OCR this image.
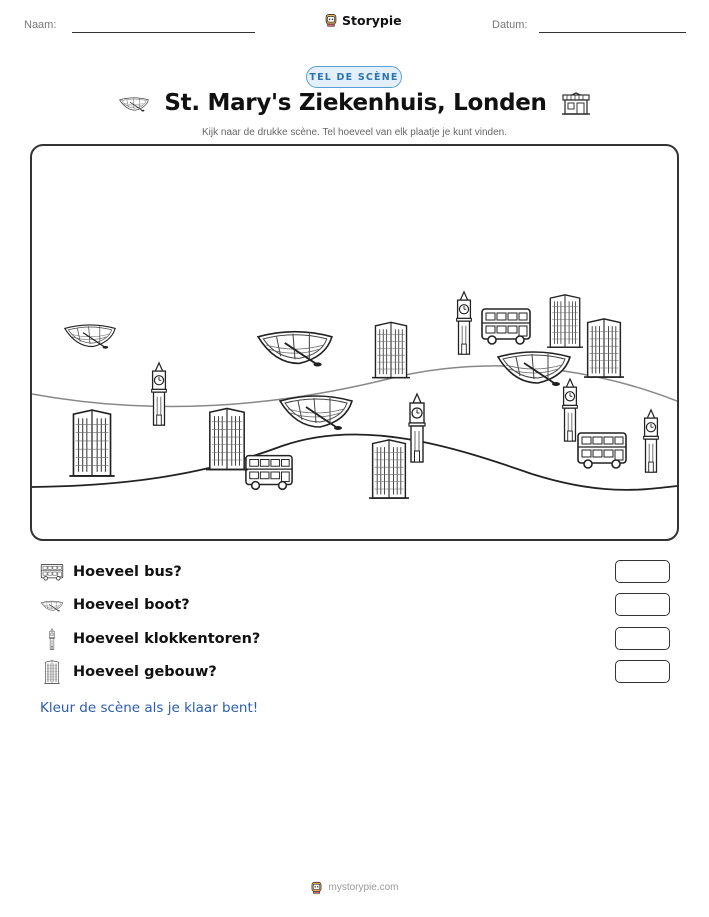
Naam:	Storypie	Datum:
TEL DE SCÈNE
St. Mary's Ziekenhuis, Londen
Kijk naar de drukke scène. Tel hoeveel van elk plaatje je kunt vinden.
Hoeveel bus?
Hoeveel boot?
Hoeveel klokkentoren?
Hoeveel gebouw?
Kleur de scène als je klaar bent!
mystorypie.com
